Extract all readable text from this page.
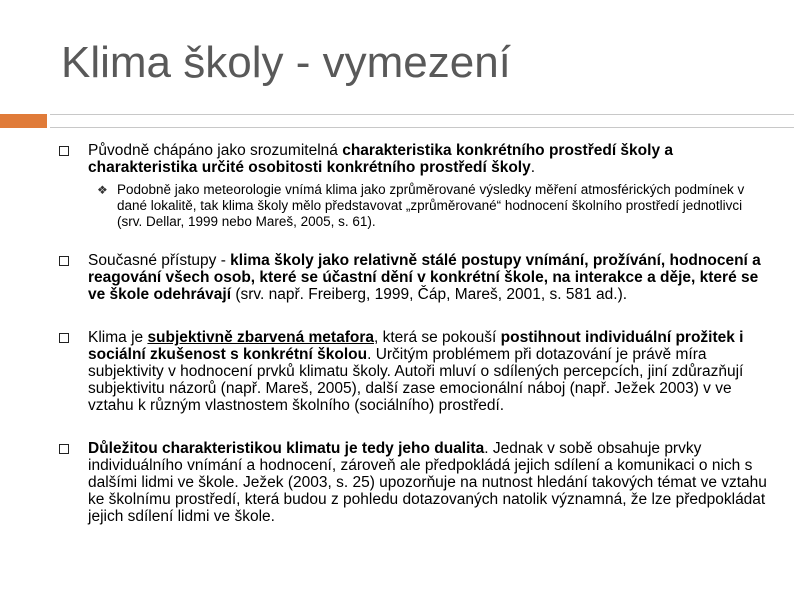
Klima školy - vymezení
Původně chápáno jako srozumitelná charakteristika konkrétního prostředí školy a charakteristika určité osobitosti konkrétního prostředí školy.
❖ Podobně jako meteorologie vnímá klima jako zprůměrované výsledky měření atmosférických podmínek v dané lokalitě, tak klima školy mělo představovat „zprůměrované“ hodnocení školního prostředí jednotlivci (srv. Dellar, 1999 nebo Mareš, 2005, s. 61).
Současné přístupy - klima školy jako relativně stálé postupy vnímání, prožívání, hodnocení a reagování všech osob, které se účastní dění v konkrétní škole, na interakce a děje, které se ve škole odehrávají (srv. např. Freiberg, 1999, Čáp, Mareš, 2001, s. 581 ad.).
Klima je subjektivně zbarvená metafora, která se pokouší postihnout individuální prožitek i sociální zkušenost s konkrétní školou. Určitým problémem při dotazování je právě míra subjektivity v hodnocení prvků klimatu školy. Autoři mluví o sdílených percepcích, jiní zdůrazňují subjektivitu názorů (např. Mareš, 2005), další zase emocionální náboj (např. Ježek 2003) v ve vztahu k různým vlastnostem školního (sociálního) prostředí.
Důležitou charakteristikou klimatu je tedy jeho dualita. Jednak v sobě obsahuje prvky individuálního vnímání a hodnocení, zároveň ale předpokládá jejich sdílení a komunikaci o nich s dalšími lidmi ve škole. Ježek (2003, s. 25) upozorňuje na nutnost hledání takových témat ve vztahu ke školnímu prostředí, která budou z pohledu dotazovaných natolik významná, že lze předpokládat jejich sdílení lidmi ve škole.
